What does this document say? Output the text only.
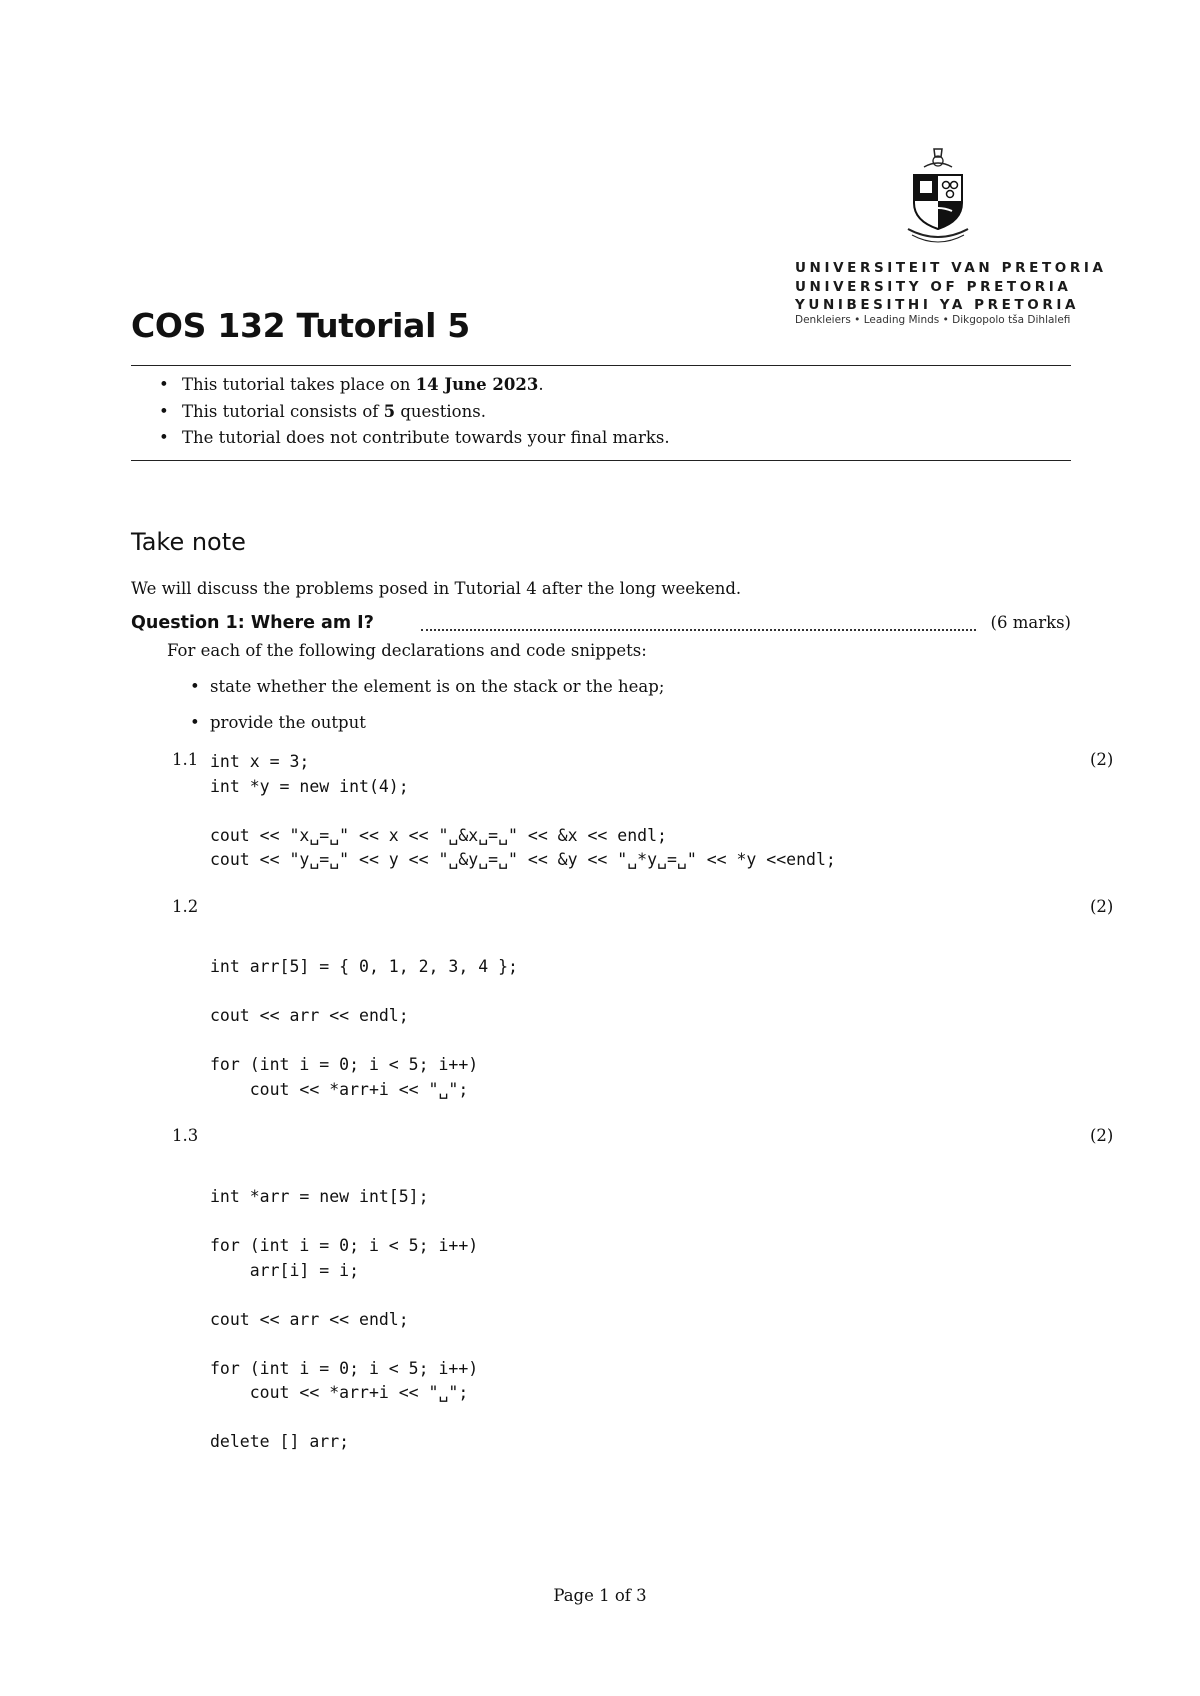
UNIVERSITEIT VAN PRETORIA
UNIVERSITY OF PRETORIA
YUNIBESITHI YA PRETORIA
Denkleiers • Leading Minds • Dikgopolo tša Dihlalefi
COS 132 Tutorial 5
• This tutorial takes place on 14 June 2023.
• This tutorial consists of 5 questions.
• The tutorial does not contribute towards your final marks.
Take note
We will discuss the problems posed in Tutorial 4 after the long weekend.
Question 1: Where am I?	(6 marks)
For each of the following declarations and code snippets:
• state whether the element is on the stack or the heap;
• provide the output
1.1	(2)
int x = 3;
int *y = new int(4);

cout << "x␣=␣" << x << "␣&x␣=␣" << &x << endl;
cout << "y␣=␣" << y << "␣&y␣=␣" << &y << "␣*y␣=␣" << *y <<endl;
1.2	(2)
int arr[5] = { 0, 1, 2, 3, 4 };

cout << arr << endl;

for (int i = 0; i < 5; i++)
cout << *arr+i << "␣";
1.3	(2)
int *arr = new int[5];

for (int i = 0; i < 5; i++)
arr[i] = i;

cout << arr << endl;

for (int i = 0; i < 5; i++)
cout << *arr+i << "␣";

delete [] arr;
Page 1 of 3
